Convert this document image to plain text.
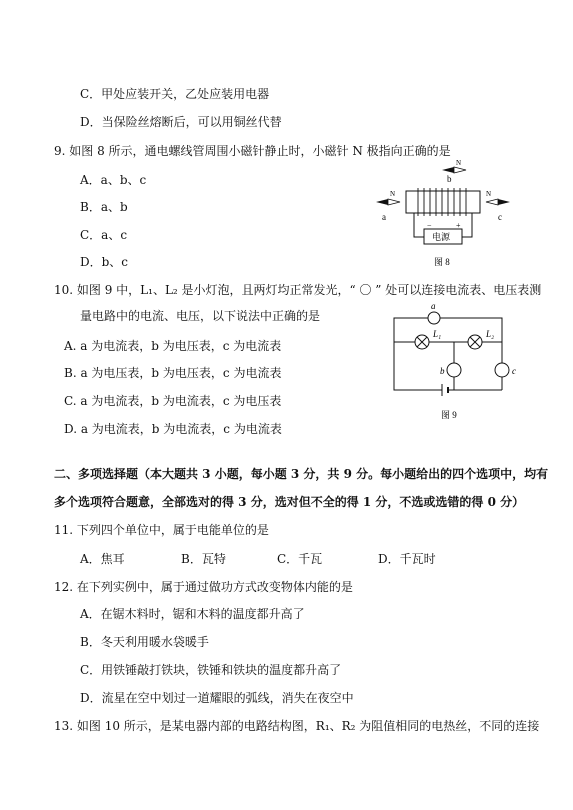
C．甲处应装开关，乙处应装用电器
D．当保险丝熔断后，可以用铜丝代替
9. 如图 8 所示，通电螺线管周围小磁针静止时，小磁针 N 极指向正确的是
A．a、b、c
B．a、b
C．a、c
D．b、c
10. 如图 9 中，L₁、L₂ 是小灯泡，且两灯均正常发光，“ 〇 ” 处可以连接电流表、电压表测
量电路中的电流、电压，以下说法中正确的是
A. a 为电流表，b 为电压表，c 为电流表
B. a 为电压表，b 为电压表，c 为电流表
C. a 为电流表，b 为电流表，c 为电压表
D. a 为电流表，b 为电流表，c 为电流表
二、多项选择题（本大题共 3 小题，每小题 3 分，共 9 分。每小题给出的四个选项中，均有
多个选项符合题意，全部选对的得 3 分，选对但不全的得 1 分，不选或选错的得 0 分）
11. 下列四个单位中，属于电能单位的是
A．焦耳	B．瓦特	C．千瓦	D．千瓦时
12. 在下列实例中，属于通过做功方式改变物体内能的是
A．在锯木料时，锯和木料的温度都升高了
B．冬天利用暖水袋暖手
C．用铁锤敲打铁块，铁锤和铁块的温度都升高了
D．流星在空中划过一道耀眼的弧线，消失在夜空中
13. 如图 10 所示，是某电器内部的电路结构图，R₁、R₂ 为阻值相同的电热丝，不同的连接
N
b
N
a
N
c
电源
−	+
图 8
a
L₁	L₂
b	c
图 9
